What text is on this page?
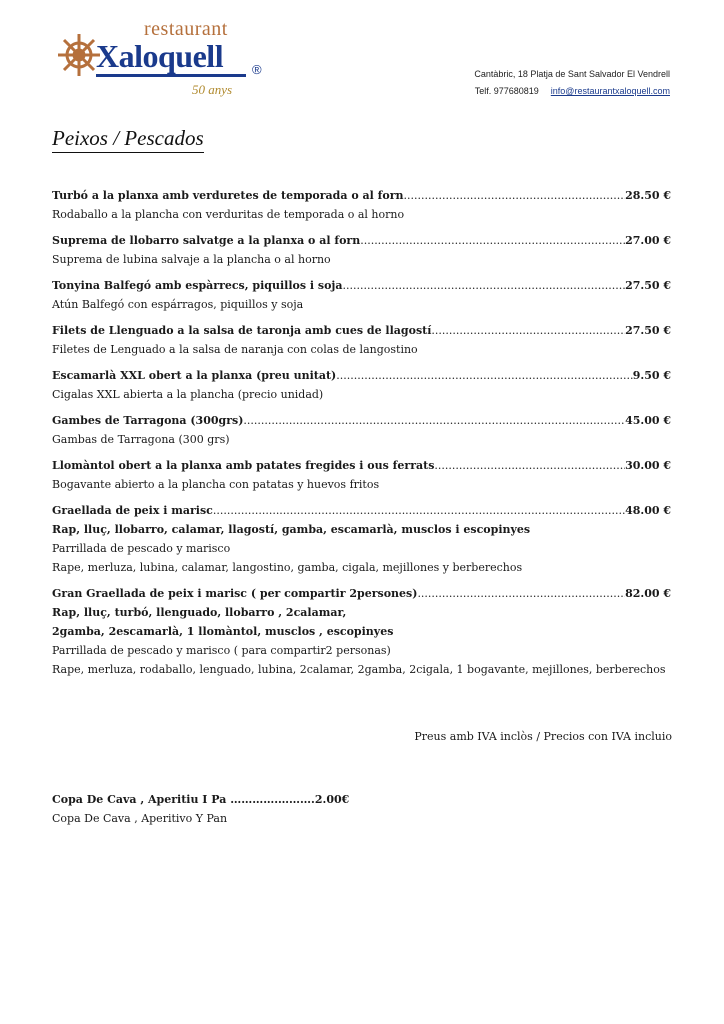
restaurant
Xaloquell ®
50 anys
Cantàbric, 18 Platja de Sant Salvador El Vendrell
Telf. 977680819 info@restaurantxaloquell.com
Peixos / Pescados
Turbó a la planxa amb verduretes de temporada o al forn .....	28.50 €
Rodaballo a la plancha con verduritas de temporada o al horno
Suprema de llobarro salvatge a la planxa o al forn .....	27.00 €
Suprema de lubina salvaje a la plancha o al horno
Tonyina Balfegó amb espàrrecs, piquillos i soja .....	27.50 €
Atún Balfegó con espárragos, piquillos y soja
Filets de Llenguado a la salsa de taronja amb cues de llagostí .....	27.50 €
Filetes de Lenguado a la salsa de naranja con colas de langostino
Escamarlà XXL obert a la planxa (preu unitat) .....	9.50 €
Cigalas XXL abierta a la plancha (precio unidad)
Gambes de Tarragona (300grs) .....	45.00 €
Gambas de Tarragona (300 grs)
Llomàntol obert a la planxa amb patates fregides i ous ferrats .....	30.00 €
Bogavante abierto a la plancha con patatas y huevos fritos
Graellada de peix i marisc .....	48.00 €
Rap, lluç, llobarro, calamar, llagostí, gamba, escamarlà, musclos i escopinyes
Parrillada de pescado y marisco
Rape, merluza, lubina, calamar, langostino, gamba, cigala, mejillones y berberechos
Gran Graellada de peix i marisc ( per compartir 2persones) .....	82.00 €
Rap, lluç, turbó, llenguado, llobarro , 2calamar,
2gamba, 2escamarlà, 1 llomàntol, musclos , escopinyes
Parrillada de pescado y marisco ( para compartir2 personas)
Rape, merluza, rodaballo, lenguado, lubina, 2calamar, 2gamba, 2cigala, 1 bogavante, mejillones, berberechos
Preus amb IVA inclòs / Precios con IVA incluio
Copa De Cava , Aperitiu I Pa ………….……….2.00€
Copa De Cava , Aperitivo Y Pan
